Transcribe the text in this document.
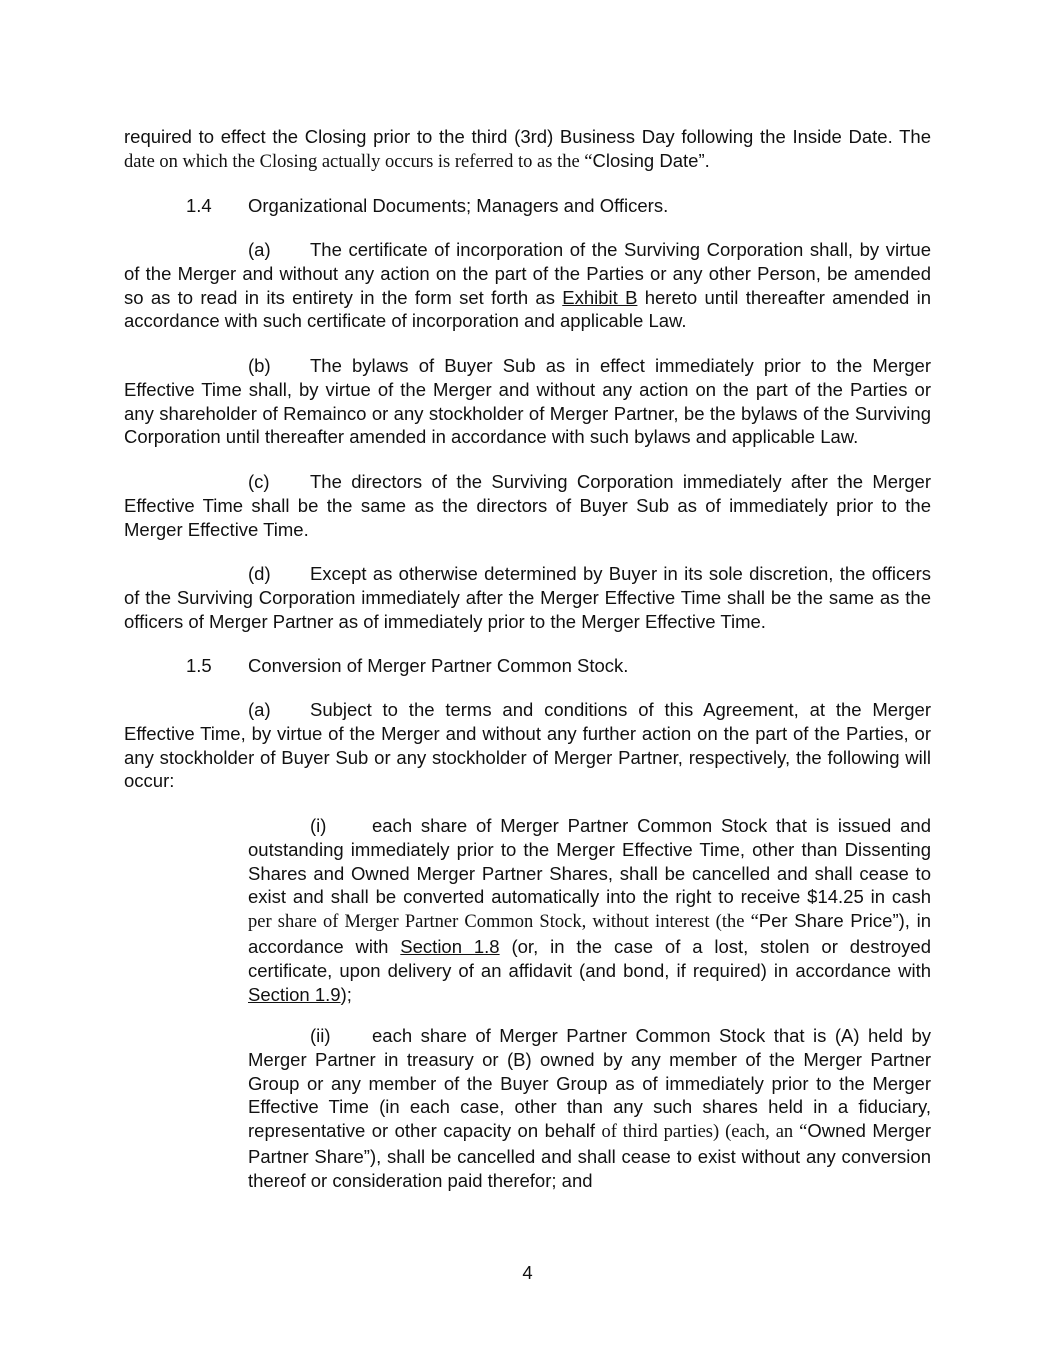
required to effect the Closing prior to the third (3rd) Business Day following the Inside Date. The date on which the Closing actually occurs is referred to as the “Closing Date”.

1.4 Organizational Documents; Managers and Officers.

(a) The certificate of incorporation of the Surviving Corporation shall, by virtue of the Merger and without any action on the part of the Parties or any other Person, be amended so as to read in its entirety in the form set forth as Exhibit B hereto until thereafter amended in accordance with such certificate of incorporation and applicable Law.

(b) The bylaws of Buyer Sub as in effect immediately prior to the Merger Effective Time shall, by virtue of the Merger and without any action on the part of the Parties or any shareholder of Remainco or any stockholder of Merger Partner, be the bylaws of the Surviving Corporation until thereafter amended in accordance with such bylaws and applicable Law.

(c) The directors of the Surviving Corporation immediately after the Merger Effective Time shall be the same as the directors of Buyer Sub as of immediately prior to the Merger Effective Time.

(d) Except as otherwise determined by Buyer in its sole discretion, the officers of the Surviving Corporation immediately after the Merger Effective Time shall be the same as the officers of Merger Partner as of immediately prior to the Merger Effective Time.

1.5 Conversion of Merger Partner Common Stock.

(a) Subject to the terms and conditions of this Agreement, at the Merger Effective Time, by virtue of the Merger and without any further action on the part of the Parties, or any stockholder of Buyer Sub or any stockholder of Merger Partner, respectively, the following will occur:

(i) each share of Merger Partner Common Stock that is issued and outstanding immediately prior to the Merger Effective Time, other than Dissenting Shares and Owned Merger Partner Shares, shall be cancelled and shall cease to exist and shall be converted automatically into the right to receive $14.25 in cash per share of Merger Partner Common Stock, without interest (the “Per Share Price”), in accordance with Section 1.8 (or, in the case of a lost, stolen or destroyed certificate, upon delivery of an affidavit (and bond, if required) in accordance with Section 1.9);

(ii) each share of Merger Partner Common Stock that is (A) held by Merger Partner in treasury or (B) owned by any member of the Merger Partner Group or any member of the Buyer Group as of immediately prior to the Merger Effective Time (in each case, other than any such shares held in a fiduciary, representative or other capacity on behalf of third parties) (each, an “Owned Merger Partner Share”), shall be cancelled and shall cease to exist without any conversion thereof or consideration paid therefor; and

4
